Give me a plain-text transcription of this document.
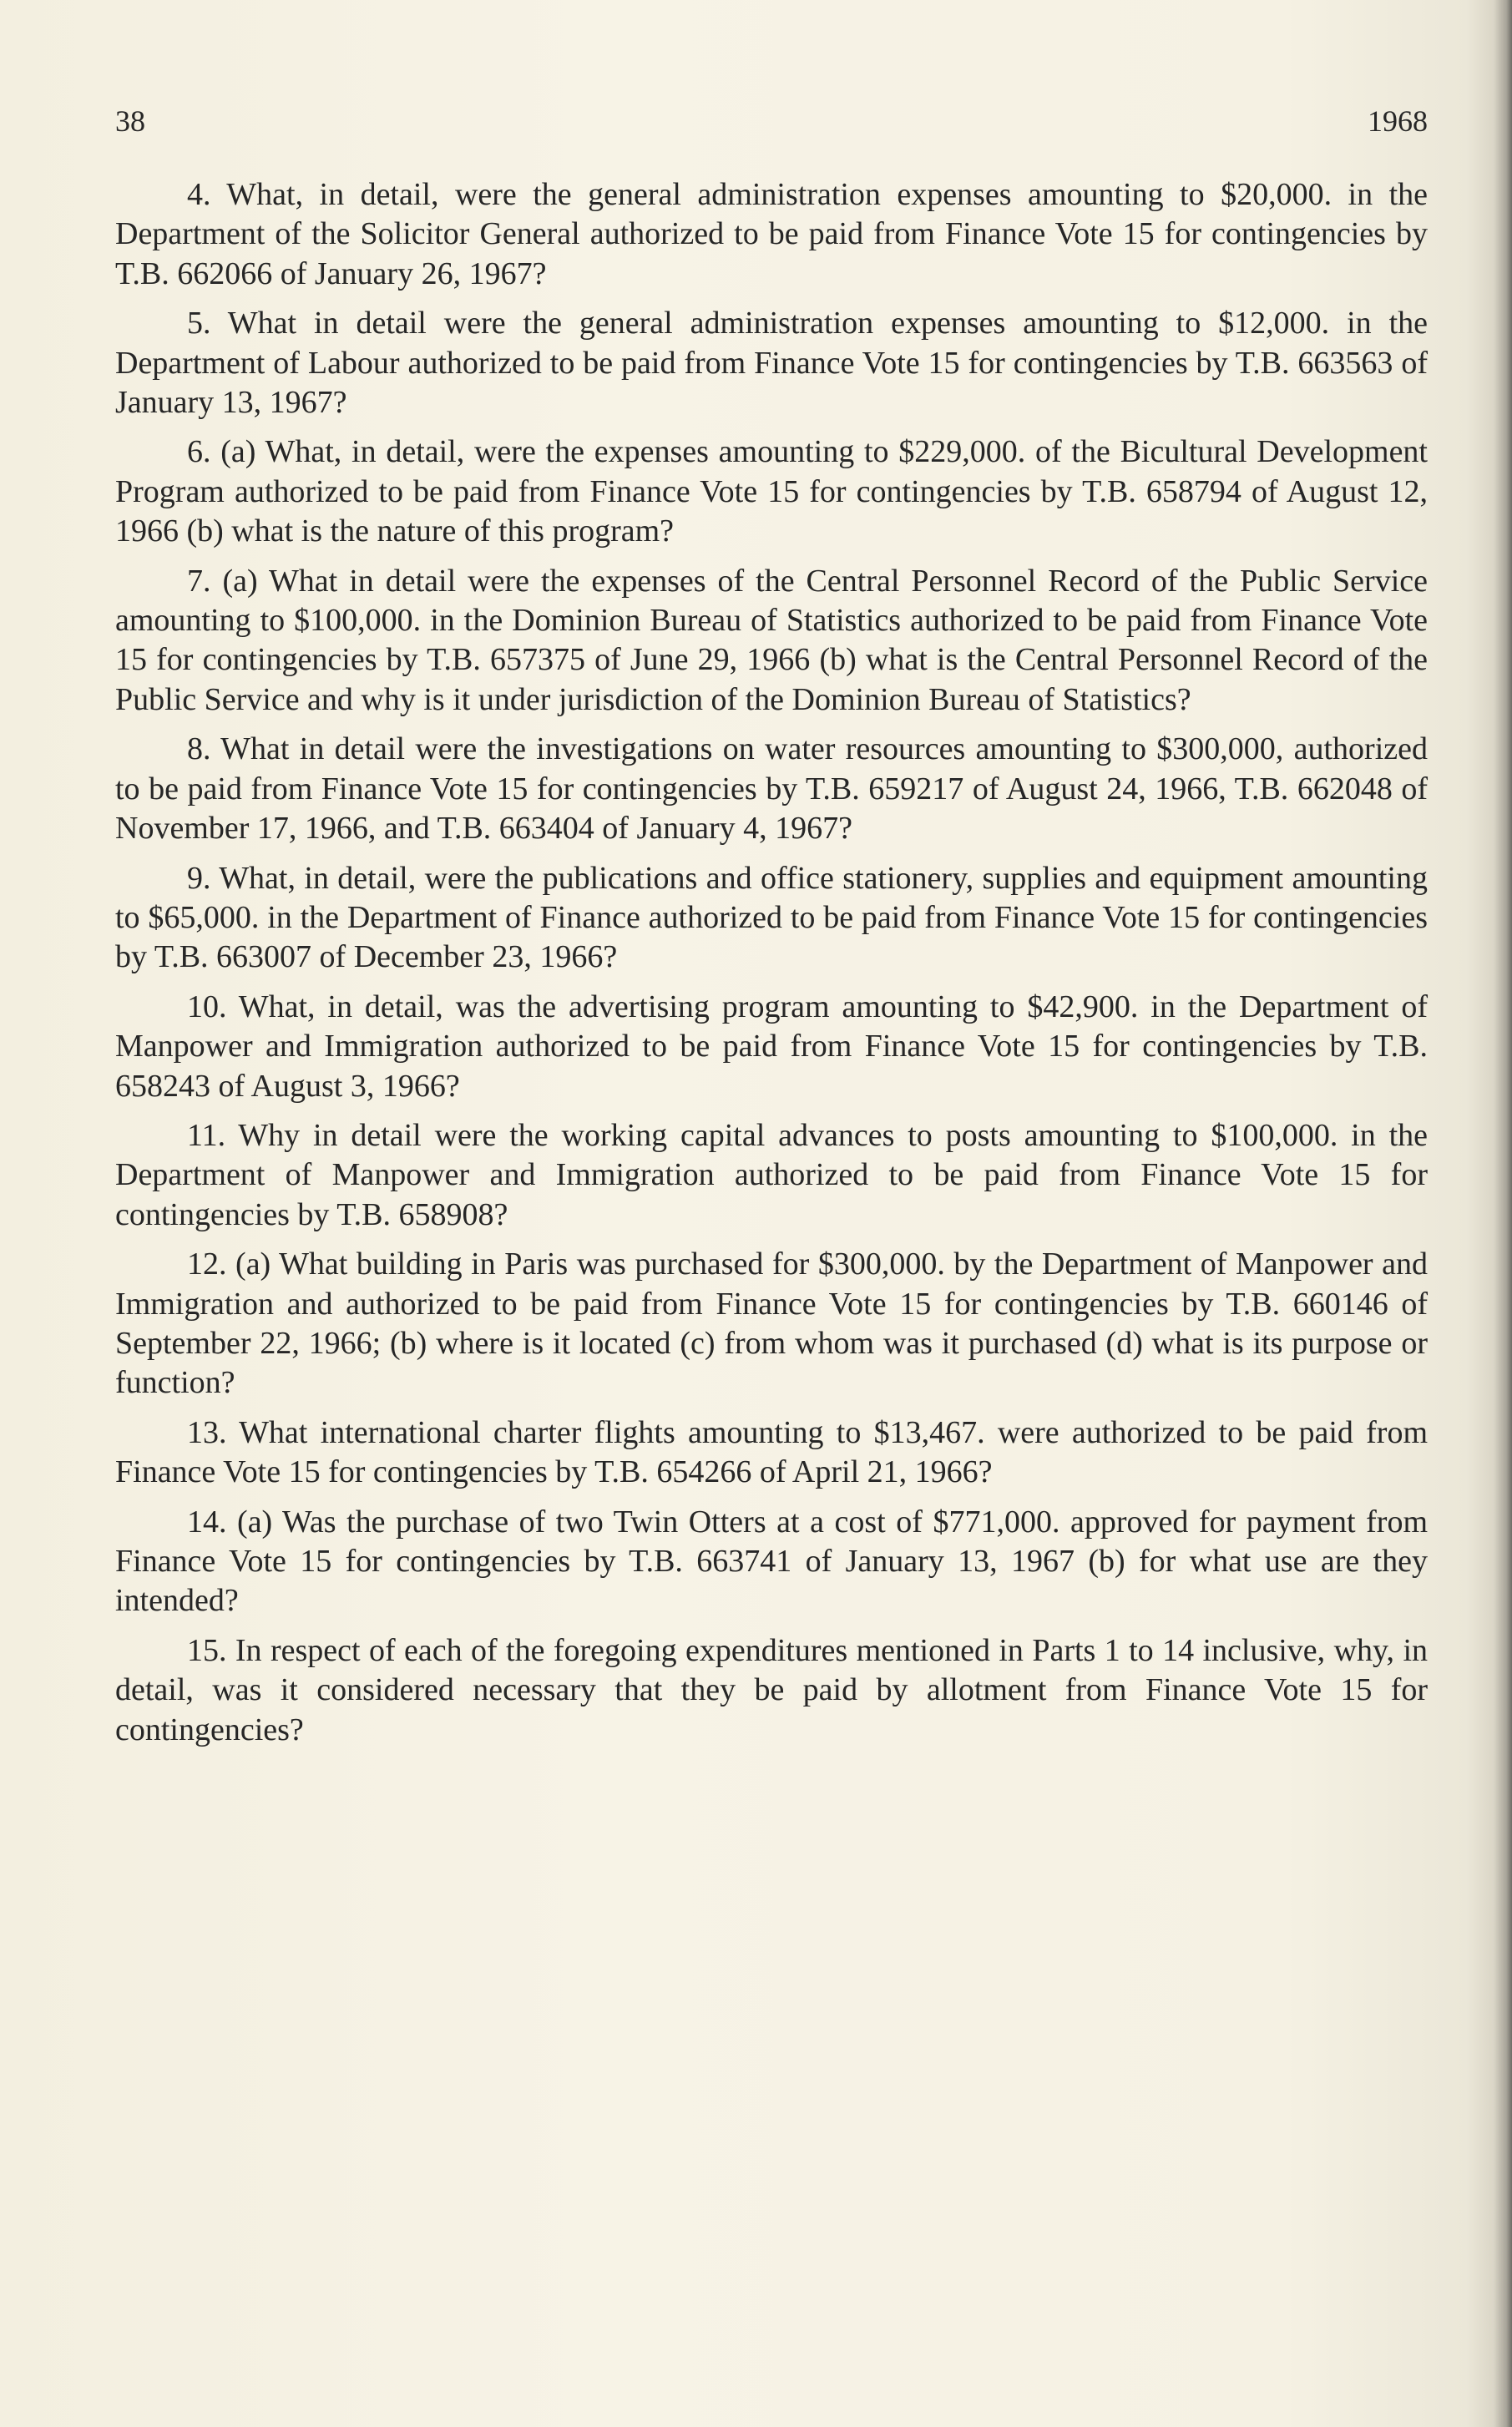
38	1968

4. What, in detail, were the general administration expenses amounting to $20,000. in the Department of the Solicitor General authorized to be paid from Finance Vote 15 for contingencies by T.B. 662066 of January 26, 1967?

5. What in detail were the general administration expenses amounting to $12,000. in the Department of Labour authorized to be paid from Finance Vote 15 for contingencies by T.B. 663563 of January 13, 1967?

6. (a) What, in detail, were the expenses amounting to $229,000. of the Bicultural Development Program authorized to be paid from Finance Vote 15 for contingencies by T.B. 658794 of August 12, 1966 (b) what is the nature of this program?

7. (a) What in detail were the expenses of the Central Personnel Record of the Public Service amounting to $100,000. in the Dominion Bureau of Statistics authorized to be paid from Finance Vote 15 for contingencies by T.B. 657375 of June 29, 1966 (b) what is the Central Personnel Record of the Public Service and why is it under jurisdiction of the Dominion Bureau of Statistics?

8. What in detail were the investigations on water resources amounting to $300,000, authorized to be paid from Finance Vote 15 for contingencies by T.B. 659217 of August 24, 1966, T.B. 662048 of November 17, 1966, and T.B. 663404 of January 4, 1967?

9. What, in detail, were the publications and office stationery, supplies and equipment amounting to $65,000. in the Department of Finance authorized to be paid from Finance Vote 15 for contingencies by T.B. 663007 of December 23, 1966?

10. What, in detail, was the advertising program amounting to $42,900. in the Department of Manpower and Immigration authorized to be paid from Finance Vote 15 for contingencies by T.B. 658243 of August 3, 1966?

11. Why in detail were the working capital advances to posts amounting to $100,000. in the Department of Manpower and Immigration authorized to be paid from Finance Vote 15 for contingencies by T.B. 658908?

12. (a) What building in Paris was purchased for $300,000. by the Department of Manpower and Immigration and authorized to be paid from Finance Vote 15 for contingencies by T.B. 660146 of September 22, 1966; (b) where is it located (c) from whom was it purchased (d) what is its purpose or function?

13. What international charter flights amounting to $13,467. were authorized to be paid from Finance Vote 15 for contingencies by T.B. 654266 of April 21, 1966?

14. (a) Was the purchase of two Twin Otters at a cost of $771,000. approved for payment from Finance Vote 15 for contingencies by T.B. 663741 of January 13, 1967 (b) for what use are they intended?

15. In respect of each of the foregoing expenditures mentioned in Parts 1 to 14 inclusive, why, in detail, was it considered necessary that they be paid by allotment from Finance Vote 15 for contingencies?
